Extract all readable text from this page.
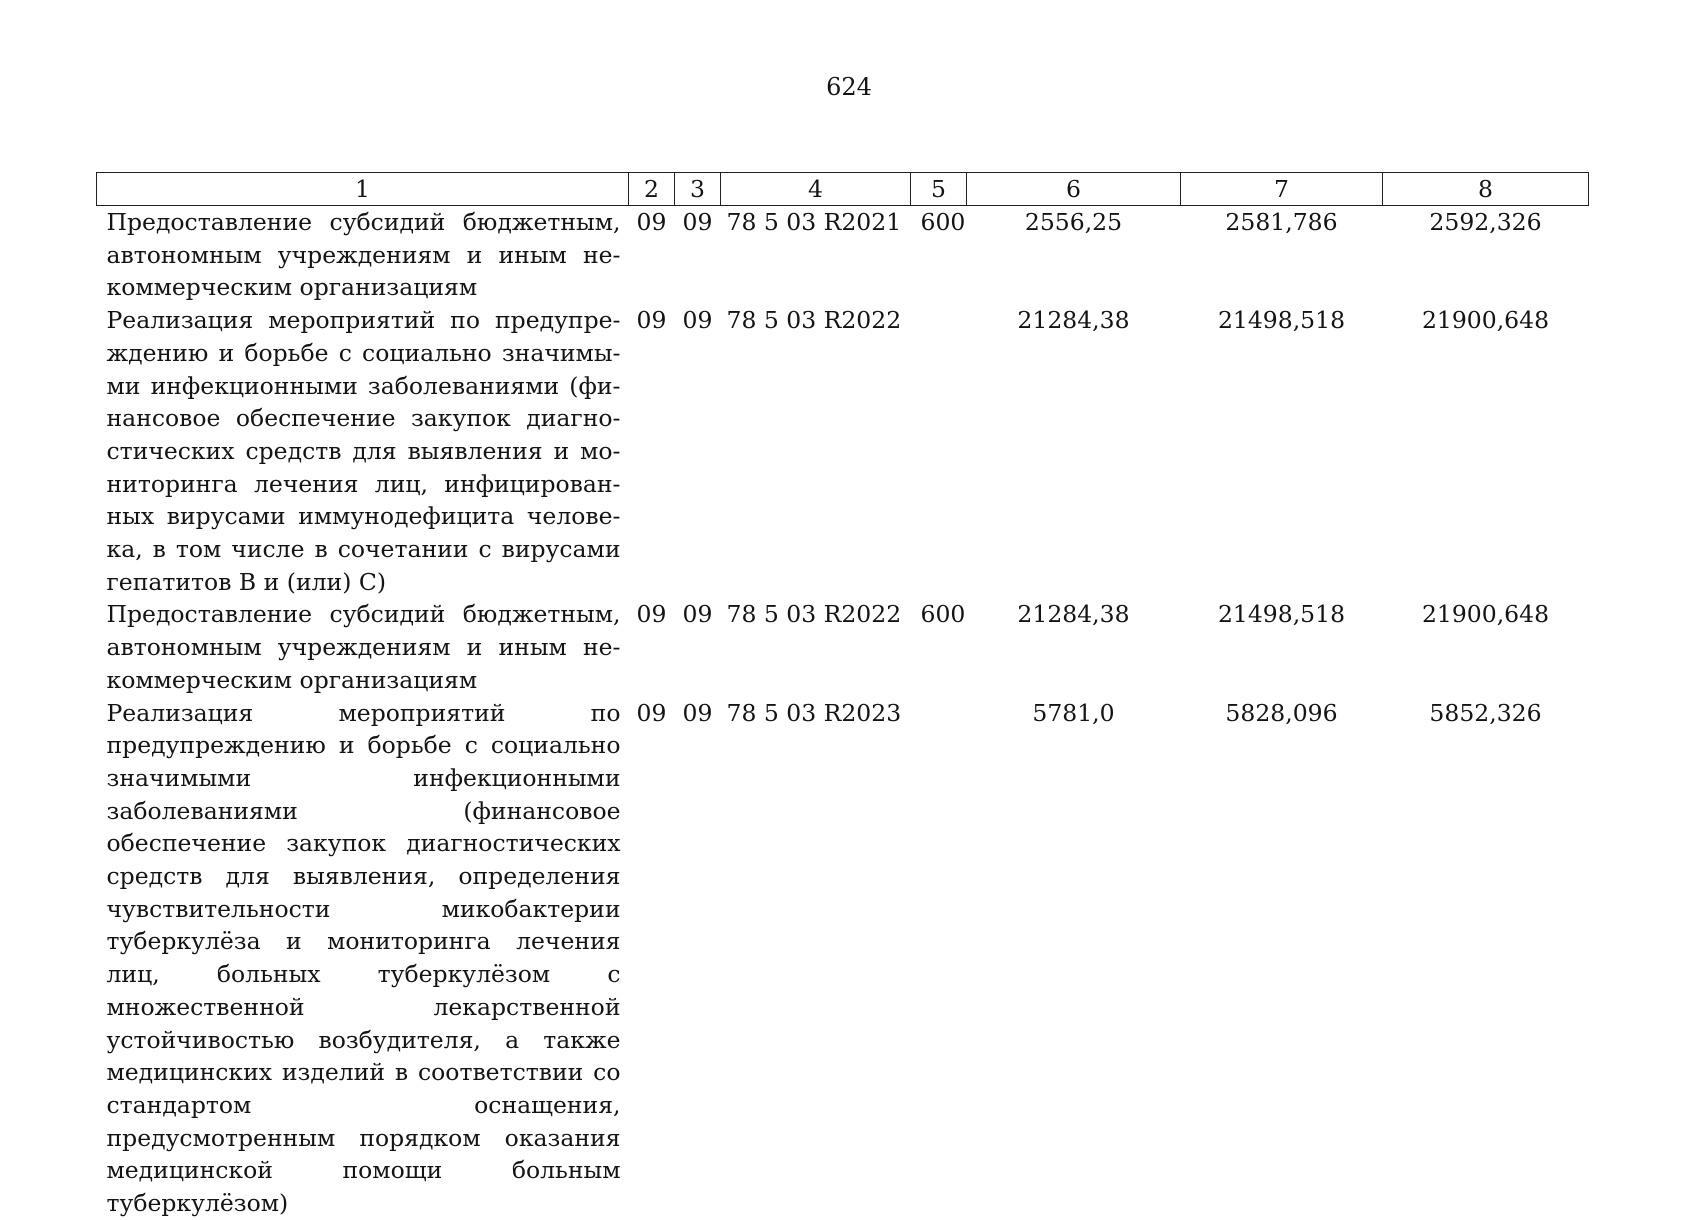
624
1	2	3	4	5	6	7	8
Предоставление субсидий бюджетным, автономным учреждениям и иным некоммерческим организациям	09	09	78 5 03 R2021	600	2556,25	2581,786	2592,326
Реализация мероприятий по предупреждению и борьбе с социально значимыми инфекционными заболеваниями (финансовое обеспечение закупок диагностических средств для выявления и мониторинга лечения лиц, инфицированных вирусами иммунодефицита человека, в том числе в сочетании с вирусами гепатитов В и (или) С)	09	09	78 5 03 R2022		21284,38	21498,518	21900,648
Предоставление субсидий бюджетным, автономным учреждениям и иным некоммерческим организациям	09	09	78 5 03 R2022	600	21284,38	21498,518	21900,648
Реализация мероприятий по предупреждению и борьбе с социально значимыми инфекционными заболеваниями (финансовое обеспечение закупок диагностических средств для выявления, определения чувствительности микобактерии туберкулёза и мониторинга лечения лиц, больных туберкулёзом с множественной лекарственной устойчивостью возбудителя, а также медицинских изделий в соответствии со стандартом оснащения, предусмотренным порядком оказания медицинской помощи больным туберкулёзом)	09	09	78 5 03 R2023		5781,0	5828,096	5852,326
